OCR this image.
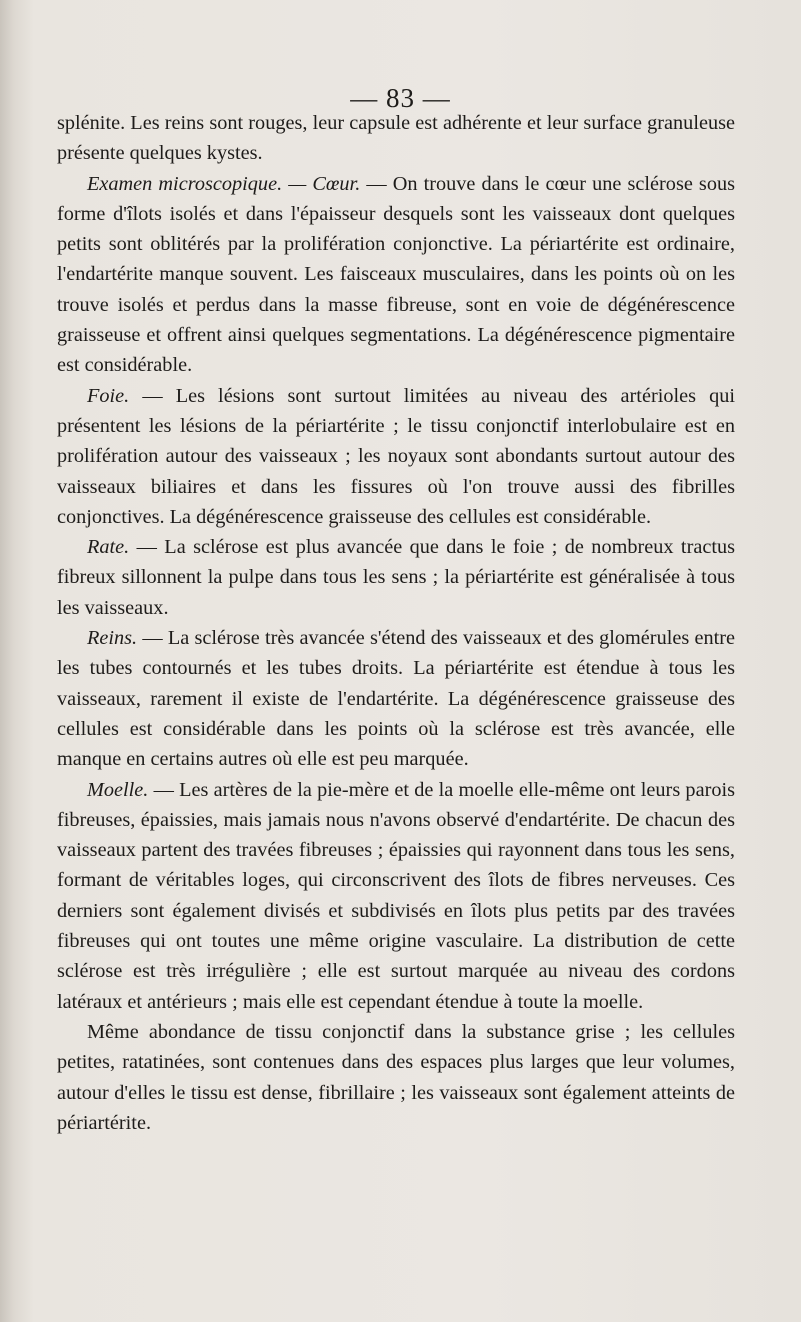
— 83 —

splénite. Les reins sont rouges, leur capsule est adhérente et leur surface granuleuse présente quelques kystes.

Examen microscopique. — Cœur. — On trouve dans le cœur une sclérose sous forme d'îlots isolés et dans l'épaisseur desquels sont les vaisseaux dont quelques petits sont oblitérés par la prolifération conjonctive. La périartérite est ordinaire, l'endartérite manque souvent. Les faisceaux musculaires, dans les points où on les trouve isolés et perdus dans la masse fibreuse, sont en voie de dégénérescence graisseuse et offrent ainsi quelques segmentations. La dégénérescence pigmentaire est considérable.

Foie. — Les lésions sont surtout limitées au niveau des artérioles qui présentent les lésions de la périartérite ; le tissu conjonctif interlobulaire est en prolifération autour des vaisseaux ; les noyaux sont abondants surtout autour des vaisseaux biliaires et dans les fissures où l'on trouve aussi des fibrilles conjonctives. La dégénérescence graisseuse des cellules est considérable.

Rate. — La sclérose est plus avancée que dans le foie ; de nombreux tractus fibreux sillonnent la pulpe dans tous les sens ; la périartérite est généralisée à tous les vaisseaux.

Reins. — La sclérose très avancée s'étend des vaisseaux et des glomérules entre les tubes contournés et les tubes droits. La périartérite est étendue à tous les vaisseaux, rarement il existe de l'endartérite. La dégénérescence graisseuse des cellules est considérable dans les points où la sclérose est très avancée, elle manque en certains autres où elle est peu marquée.

Moelle. — Les artères de la pie-mère et de la moelle elle-même ont leurs parois fibreuses, épaissies, mais jamais nous n'avons observé d'endartérite. De chacun des vaisseaux partent des travées fibreuses ; épaissies qui rayonnent dans tous les sens, formant de véritables loges, qui circonscrivent des îlots de fibres nerveuses. Ces derniers sont également divisés et subdivisés en îlots plus petits par des travées fibreuses qui ont toutes une même origine vasculaire. La distribution de cette sclérose est très irrégulière ; elle est surtout marquée au niveau des cordons latéraux et antérieurs ; mais elle est cependant étendue à toute la moelle.

Même abondance de tissu conjonctif dans la substance grise ; les cellules petites, ratatinées, sont contenues dans des espaces plus larges que leur volumes, autour d'elles le tissu est dense, fibrillaire ; les vaisseaux sont également atteints de périartérite.
